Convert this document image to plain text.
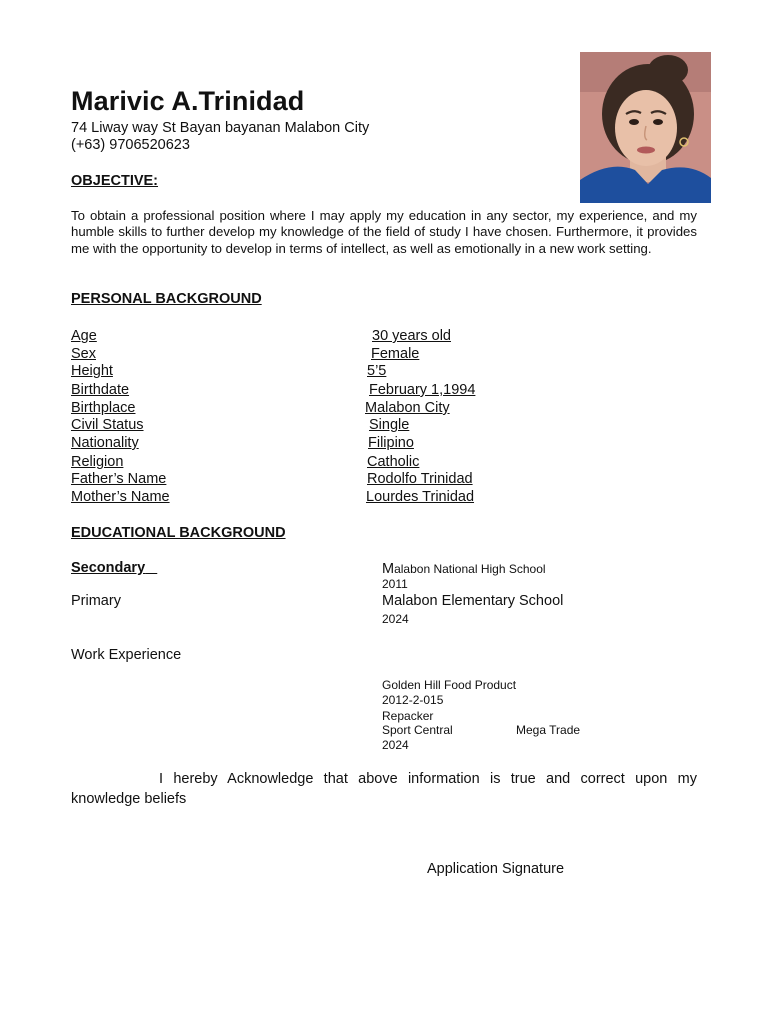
Marivic A.Trinidad
74 Liway way St Bayan bayanan Malabon City
(+63) 9706520623
OBJECTIVE:
To obtain a professional position where I may apply my education in any sector, my experience, and my humble skills to further develop my knowledge of the field of study I have chosen. Furthermore, it provides me with the opportunity to develop in terms of intellect, as well as emotionally in a new work setting.
PERSONAL BACKGROUND
Age	30 years old
Sex	Female
Height	5’5
Birthdate	February 1,1994
Birthplace	Malabon City
Civil Status	Single
Nationality	Filipino
Religion	Catholic
Father’s Name	Rodolfo Trinidad
Mother’s Name	Lourdes Trinidad
EDUCATIONAL BACKGROUND
Secondary	Malabon National High School
2011
Primary	Malabon Elementary School
2024
Work Experience
Golden Hill Food Product
2012-2-015
Repacker
Sport Central	Mega Trade
2024
I hereby Acknowledge that above information is true and correct upon my knowledge beliefs
Application Signature
